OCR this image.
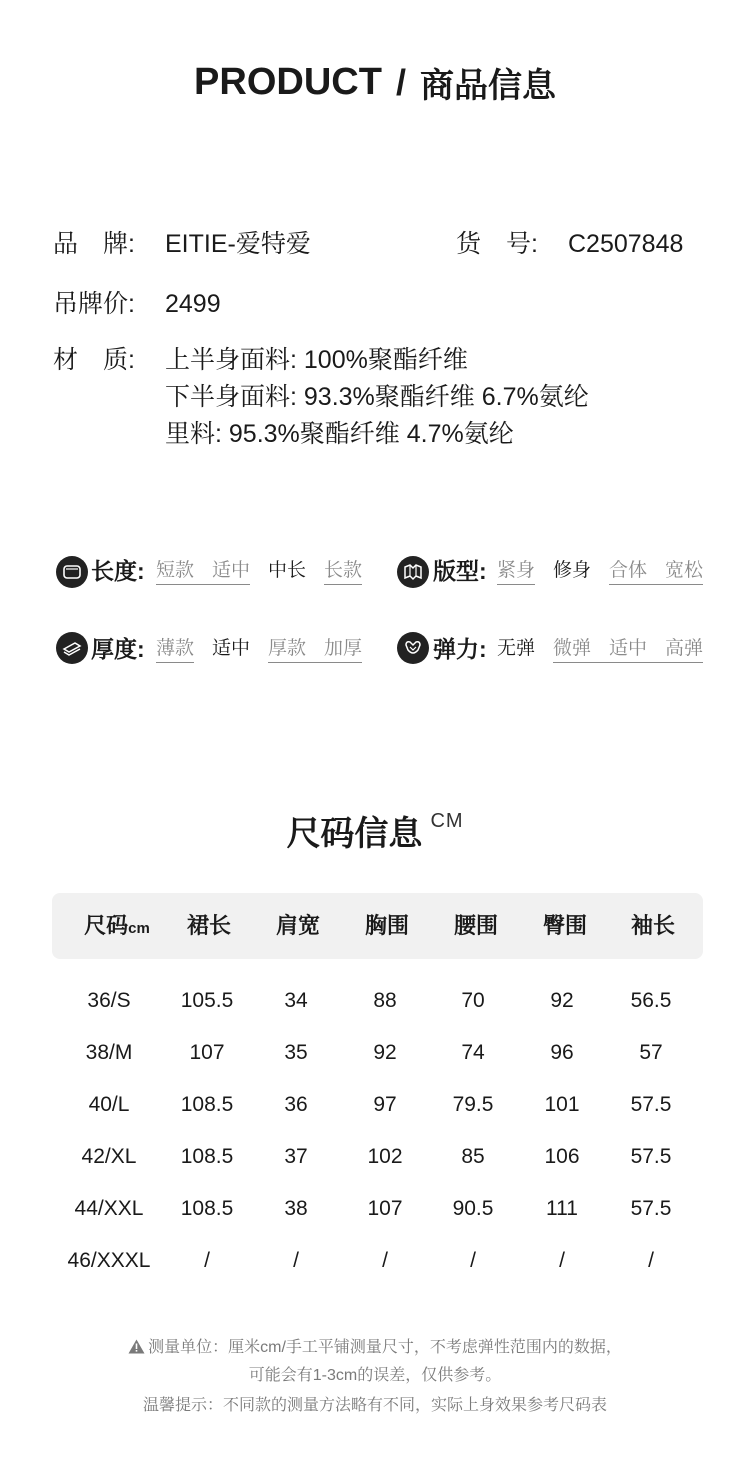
PRODUCT / 商品信息
品　牌: EITIE-爱特爱	货　号: C2507848
吊牌价: 2499
材　质: 上半身面料: 100%聚酯纤维
下半身面料: 93.3%聚酯纤维 6.7%氨纶
里料: 95.3%聚酯纤维 4.7%氨纶
长度: 短款 适中 中长 长款	版型: 紧身 修身 合体 宽松
厚度: 薄款 适中 厚款 加厚	弹力: 无弹 微弹 适中 高弹
尺码信息 CM
尺码cm 裙长 肩宽 胸围 腰围 臀围 袖长
36/S 105.5 34	88	70	92	56.5
38/M	107	35	92	74	96	57
40/L 108.5 36	97	79.5 101 57.5
42/XL 108.5 37	102	85	106 57.5
44/XXL 108.5 38	107 90.5	111	57.5
46/XXXL	/	/	/	/	/	/
测量单位：厘米cm/手工平铺测量尺寸，不考虑弹性范围内的数据，
可能会有1-3cm的误差，仅供参考。
温馨提示：不同款的测量方法略有不同，实际上身效果参考尺码表
